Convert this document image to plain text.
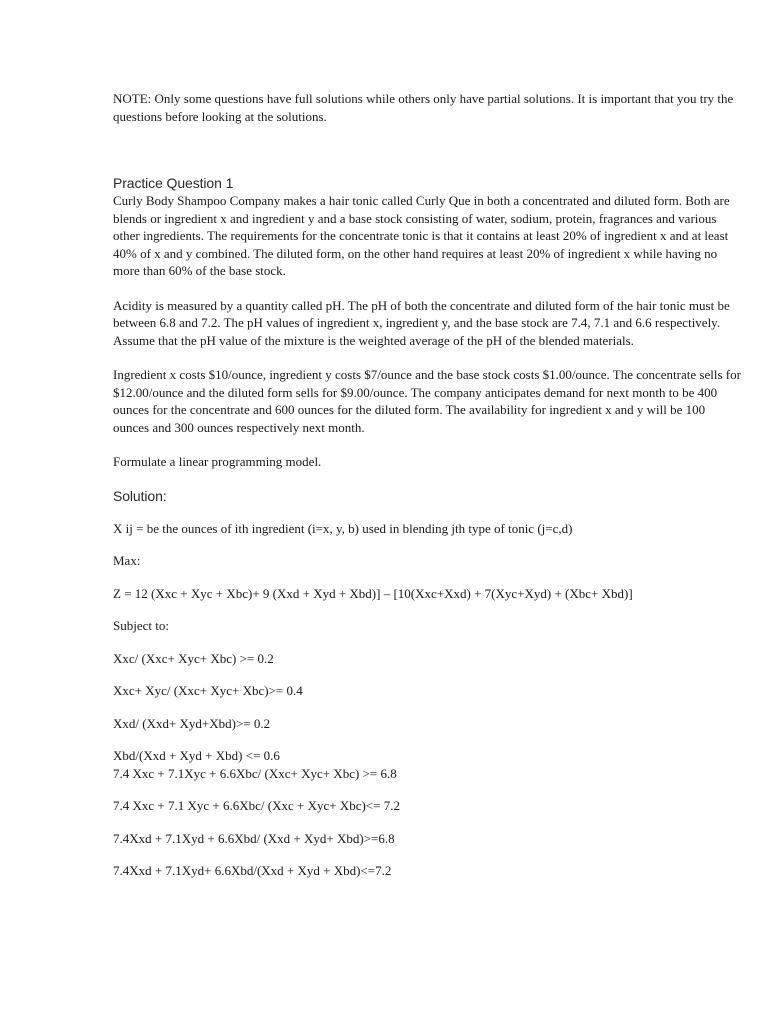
NOTE: Only some questions have full solutions while others only have partial solutions. It is important that you try the questions before looking at the solutions.

Practice Question 1

Curly Body Shampoo Company makes a hair tonic called Curly Que in both a concentrated and diluted form. Both are blends or ingredient x and ingredient y and a base stock consisting of water, sodium, protein, fragrances and various other ingredients. The requirements for the concentrate tonic is that it contains at least 20% of ingredient x and at least 40% of x and y combined. The diluted form, on the other hand requires at least 20% of ingredient x while having no more than 60% of the base stock.

Acidity is measured by a quantity called pH. The pH of both the concentrate and diluted form of the hair tonic must be between 6.8 and 7.2. The pH values of ingredient x, ingredient y, and the base stock are 7.4, 7.1 and 6.6 respectively. Assume that the pH value of the mixture is the weighted average of the pH of the blended materials.

Ingredient x costs $10/ounce, ingredient y costs $7/ounce and the base stock costs $1.00/ounce. The concentrate sells for $12.00/ounce and the diluted form sells for $9.00/ounce. The company anticipates demand for next month to be 400 ounces for the concentrate and 600 ounces for the diluted form. The availability for ingredient x and y will be 100 ounces and 300 ounces respectively next month.

Formulate a linear programming model.

Solution:

X ij = be the ounces of ith ingredient (i=x, y, b) used in blending jth type of tonic (j=c,d)

Max:

Z = 12 (Xxc + Xyc + Xbc)+ 9 (Xxd + Xyd + Xbd)] – [10(Xxc+Xxd) + 7(Xyc+Xyd) + (Xbc+ Xbd)]

Subject to:

Xxc/ (Xxc+ Xyc+ Xbc) >= 0.2

Xxc+ Xyc/ (Xxc+ Xyc+ Xbc)>= 0.4

Xxd/ (Xxd+ Xyd+Xbd)>= 0.2

Xbd/(Xxd + Xyd + Xbd) <= 0.6

7.4 Xxc + 7.1Xyc + 6.6Xbc/ (Xxc+ Xyc+ Xbc) >= 6.8

7.4 Xxc + 7.1 Xyc + 6.6Xbc/ (Xxc + Xyc+ Xbc)<= 7.2

7.4Xxd + 7.1Xyd + 6.6Xbd/ (Xxd + Xyd+ Xbd)>=6.8

7.4Xxd + 7.1Xyd+ 6.6Xbd/(Xxd + Xyd + Xbd)<=7.2
